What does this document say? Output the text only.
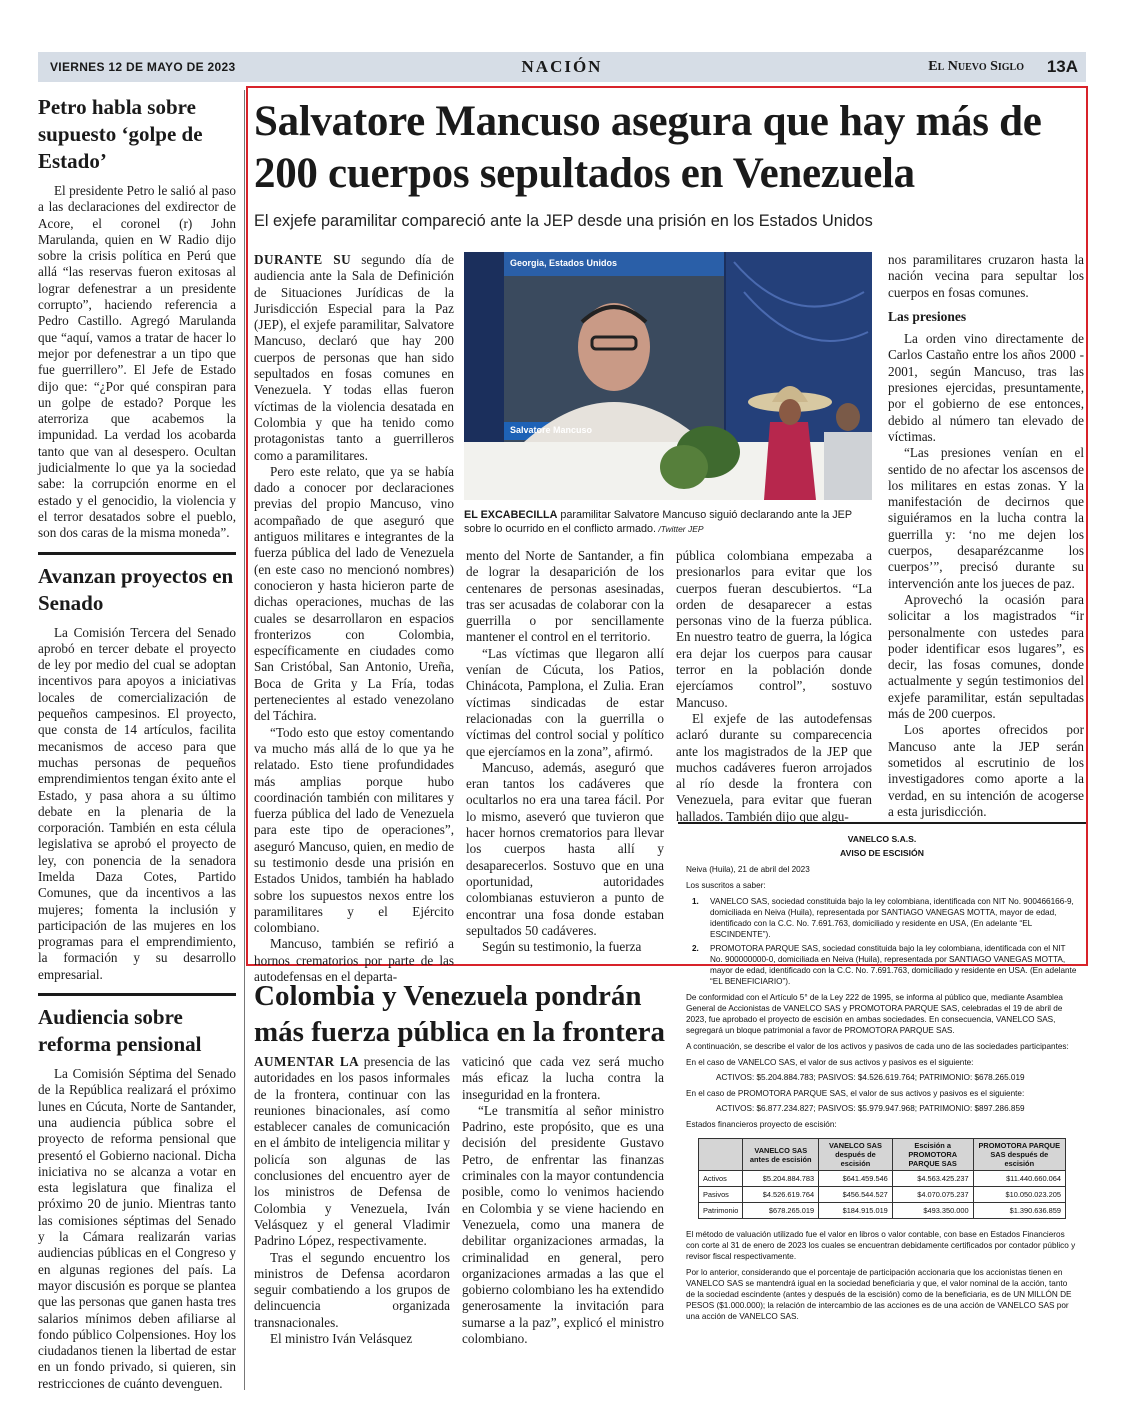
VIERNES 12 DE MAYO DE 2023	NACIÓN	El Nuevo Siglo 13A
Petro habla sobre supuesto ‘golpe de Estado’

El presidente Petro le salió al paso a las declaraciones del exdirector de Acore, el coronel (r) John Marulanda, quien en W Radio dijo sobre la crisis política en Perú que allá “las reservas fueron exitosas al lograr defenestrar a un presidente corrupto”, haciendo referencia a Pedro Castillo. Agregó Marulanda que “aquí, vamos a tratar de hacer lo mejor por defenestrar a un tipo que fue guerrillero”. El Jefe de Estado dijo que: “¿Por qué conspiran para un golpe de estado? Porque les aterroriza que acabemos la impunidad. La verdad los acobarda tanto que van al desespero. Ocultan judicialmente lo que ya la sociedad sabe: la corrupción enorme en el estado y el genocidio, la violencia y el terror desatados sobre el pueblo, son dos caras de la misma moneda”.

Avanzan proyectos en Senado

La Comisión Tercera del Senado aprobó en tercer debate el proyecto de ley por medio del cual se adoptan incentivos para apoyos a iniciativas locales de comercialización de pequeños campesinos. El proyecto, que consta de 14 artículos, facilita mecanismos de acceso para que muchas personas de pequeños emprendimientos tengan éxito ante el Estado, y pasa ahora a su último debate en la plenaria de la corporación. También en esta célula legislativa se aprobó el proyecto de ley, con ponencia de la senadora Imelda Daza Cotes, Partido Comunes, que da incentivos a las mujeres; fomenta la inclusión y participación de las mujeres en los programas para el emprendimiento, la formación y su desarrollo empresarial.

Audiencia sobre reforma pensional

La Comisión Séptima del Senado de la República realizará el próximo lunes en Cúcuta, Norte de Santander, una audiencia pública sobre el proyecto de reforma pensional que presentó el Gobierno nacional. Dicha iniciativa no se alcanza a votar en esta legislatura que finaliza el próximo 20 de junio. Mientras tanto las comisiones séptimas del Senado y la Cámara realizarán varias audiencias públicas en el Congreso y en algunas regiones del país. La mayor discusión es porque se plantea que las personas que ganen hasta tres salarios mínimos deben afiliarse al fondo público Colpensiones. Hoy los ciudadanos tienen la libertad de estar en un fondo privado, si quieren, sin restricciones de cuánto devenguen.

Salvatore Mancuso asegura que hay más de 200 cuerpos sepultados en Venezuela
El exjefe paramilitar compareció ante la JEP desde una prisión en los Estados Unidos

DURANTE SU segundo día de audiencia ante la Sala de Definición de Situaciones Jurídicas de la Jurisdicción Especial para la Paz (JEP), el exjefe paramilitar, Salvatore Mancuso, declaró que hay 200 cuerpos de personas que han sido sepultados en fosas comunes en Venezuela. Y todas ellas fueron víctimas de la violencia desatada en Colombia y que ha tenido como protagonistas tanto a guerrilleros como a paramilitares.

Pero este relato, que ya se había dado a conocer por declaraciones previas del propio Mancuso, vino acompañado de que aseguró que antiguos militares e integrantes de la fuerza pública del lado de Venezuela (en este caso no mencionó nombres) conocieron y hasta hicieron parte de dichas operaciones, muchas de las cuales se desarrollaron en espacios fronterizos con Colombia, específicamente en ciudades como San Cristóbal, San Antonio, Ureña, Boca de Grita y La Fría, todas pertenecientes al estado venezolano del Táchira.

“Todo esto que estoy comentando va mucho más allá de lo que ya he relatado. Esto tiene profundidades más amplias porque hubo coordinación también con militares y fuerza pública del lado de Venezuela para este tipo de operaciones”, aseguró Mancuso, quien, en medio de su testimonio desde una prisión en Estados Unidos, también ha hablado sobre los supuestos nexos entre los paramilitares y el Ejército colombiano.

Mancuso, también se refirió a hornos crematorios por parte de las autodefensas en el departa-

Georgia, Estados Unidos
Salvatore Mancuso
EL EXCABECILLA paramilitar Salvatore Mancuso siguió declarando ante la JEP sobre lo ocurrido en el conflicto armado. /Twitter JEP

mento del Norte de Santander, a fin de lograr la desaparición de los centenares de personas asesinadas, tras ser acusadas de colaborar con la guerrilla o por sencillamente mantener el control en el territorio.

“Las víctimas que llegaron allí venían de Cúcuta, los Patios, Chinácota, Pamplona, el Zulia. Eran víctimas sindicadas de estar relacionadas con la guerrilla o víctimas del control social y político que ejercíamos en la zona”, afirmó.

Mancuso, además, aseguró que eran tantos los cadáveres que ocultarlos no era una tarea fácil. Por lo mismo, aseveró que tuvieron que hacer hornos crematorios para llevar los cuerpos hasta allí y desaparecerlos. Sostuvo que en una oportunidad, autoridades colombianas estuvieron a punto de encontrar una fosa donde estaban sepultados 50 cadáveres.

Según su testimonio, la fuerza

pública colombiana empezaba a presionarlos para evitar que los cuerpos fueran descubiertos. “La orden de desaparecer a estas personas vino de la fuerza pública. En nuestro teatro de guerra, la lógica era dejar los cuerpos para causar terror en la población donde ejercíamos control”, sostuvo Mancuso.

El exjefe de las autodefensas aclaró durante su comparecencia ante los magistrados de la JEP que muchos cadáveres fueron arrojados al río desde la frontera con Venezuela, para evitar que fueran hallados. También dijo que algu-

nos paramilitares cruzaron hasta la nación vecina para sepultar los cuerpos en fosas comunes.

Las presiones

La orden vino directamente de Carlos Castaño entre los años 2000 - 2001, según Mancuso, tras las presiones ejercidas, presuntamente, por el gobierno de ese entonces, debido al número tan elevado de víctimas.

“Las presiones venían en el sentido de no afectar los ascensos de los militares en estas zonas. Y la manifestación de decirnos que siguiéramos en la lucha contra la guerrilla y: ‘no me dejen los cuerpos, desaparézcanme los cuerpos’”, precisó durante su intervención ante los jueces de paz.

Aprovechó la ocasión para solicitar a los magistrados “ir personalmente con ustedes para poder identificar esos lugares”, es decir, las fosas comunes, donde actualmente y según testimonios del exjefe paramilitar, están sepultadas más de 200 cuerpos.

Los aportes ofrecidos por Mancuso ante la JEP serán sometidos al escrutinio de los investigadores como aporte a la verdad, en su intención de acogerse a esta jurisdicción.

Colombia y Venezuela pondrán más fuerza pública en la frontera

AUMENTAR LA presencia de las autoridades en los pasos informales de la frontera, continuar con las reuniones binacionales, así como establecer canales de comunicación en el ámbito de inteligencia militar y policía son algunas de las conclusiones del encuentro ayer de los ministros de Defensa de Colombia y Venezuela, Iván Velásquez y el general Vladimir Padrino López, respectivamente.

Tras el segundo encuentro los ministros de Defensa acordaron seguir combatiendo a los grupos de delincuencia organizada transnacionales.

El ministro Iván Velásquez

vaticinó que cada vez será mucho más eficaz la lucha contra la inseguridad en la frontera.

“Le transmitía al señor ministro Padrino, este propósito, que es una decisión del presidente Gustavo Petro, de enfrentar las finanzas criminales con la mayor contundencia posible, como lo venimos haciendo en Colombia y se viene haciendo en Venezuela, como una manera de debilitar organizaciones armadas, la criminalidad en general, pero organizaciones armadas a las que el gobierno colombiano les ha extendido generosamente la invitación para sumarse a la paz”, explicó el ministro colombiano.

VANELCO S.A.S.
AVISO DE ESCISIÓN

Neiva (Huila), 21 de abril del 2023

Los suscritos a saber:

1. VANELCO SAS, sociedad constituida bajo la ley colombiana, identificada con NIT No. 900466166-9, domiciliada en Neiva (Huila), representada por SANTIAGO VANEGAS MOTTA, mayor de edad, identificado con la C.C. No. 7.691.763, domiciliado y residente en USA, (En adelante “EL ESCINDENTE”).
2. PROMOTORA PARQUE SAS, sociedad constituida bajo la ley colombiana, identificada con el NIT No. 900000000-0, domiciliada en Neiva (Huila), representada por SANTIAGO VANEGAS MOTTA, mayor de edad, identificado con la C.C. No. 7.691.763, domiciliado y residente en USA. (En adelante “EL BENEFICIARIO”).

De conformidad con el Artículo 5° de la Ley 222 de 1995, se informa al público que, mediante Asamblea General de Accionistas de VANELCO SAS y PROMOTORA PARQUE SAS, celebradas el 19 de abril de 2023, fue aprobado el proyecto de escisión en ambas sociedades. En consecuencia, VANELCO SAS, segregará un bloque patrimonial a favor de PROMOTORA PARQUE SAS.

A continuación, se describe el valor de los activos y pasivos de cada uno de las sociedades participantes:

En el caso de VANELCO SAS, el valor de sus activos y pasivos es el siguiente:

ACTIVOS: $5.204.884.783; PASIVOS: $4.526.619.764; PATRIMONIO: $678.265.019

En el caso de PROMOTORA PARQUE SAS, el valor de sus activos y pasivos es el siguiente:

ACTIVOS: $6.877.234.827; PASIVOS: $5.979.947.968; PATRIMONIO: $897.286.859

Estados financieros proyecto de escisión:

	VANELCO SAS antes de escisión	VANELCO SAS después de escisión	Escisión a PROMOTORA PARQUE SAS	PROMOTORA PARQUE SAS después de escisión
Activos	$5.204.884.783	$641.459.546	$4.563.425.237	$11.440.660.064
Pasivos	$4.526.619.764	$456.544.527	$4.070.075.237	$10.050.023.205
Patrimonio	$678.265.019	$184.915.019	$493.350.000	$1.390.636.859

El método de valuación utilizado fue el valor en libros o valor contable, con base en Estados Financieros con corte al 31 de enero de 2023 los cuales se encuentran debidamente certificados por contador público y revisor fiscal respectivamente.

Por lo anterior, considerando que el porcentaje de participación accionaria que los accionistas tienen en VANELCO SAS se mantendrá igual en la sociedad beneficiaria y que, el valor nominal de la acción, tanto de la sociedad escindente (antes y después de la escisión) como de la beneficiaria, es de UN MILLÓN DE PESOS ($1.000.000); la relación de intercambio de las acciones es de una acción de VANELCO SAS por una acción de VANELCO SAS.
